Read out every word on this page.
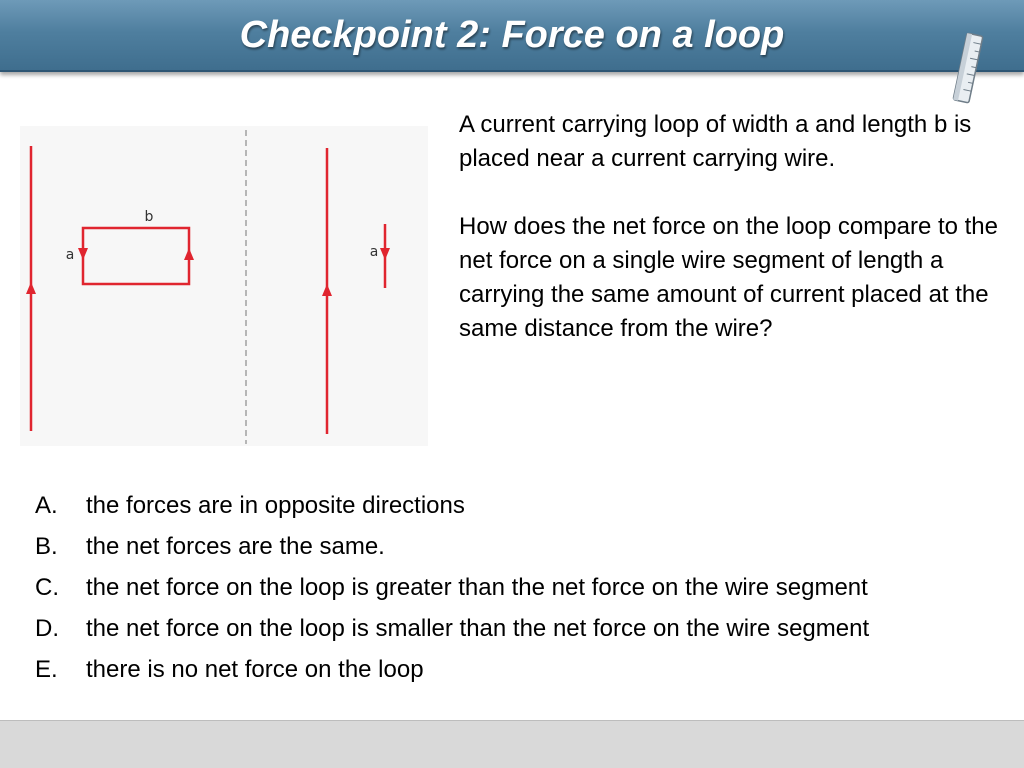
Checkpoint 2: Force on a loop
b
a	a

A current carrying loop of width a and length b is placed near a current carrying wire.

How does the net force on the loop compare to the net force on a single wire segment of length a carrying the same amount of current placed at the same distance from the wire?

A. the forces are in opposite directions
B. the net forces are the same.
C. the net force on the loop is greater than the net force on the wire segment
D. the net force on the loop is smaller than the net force on the wire segment
E. there is no net force on the loop
